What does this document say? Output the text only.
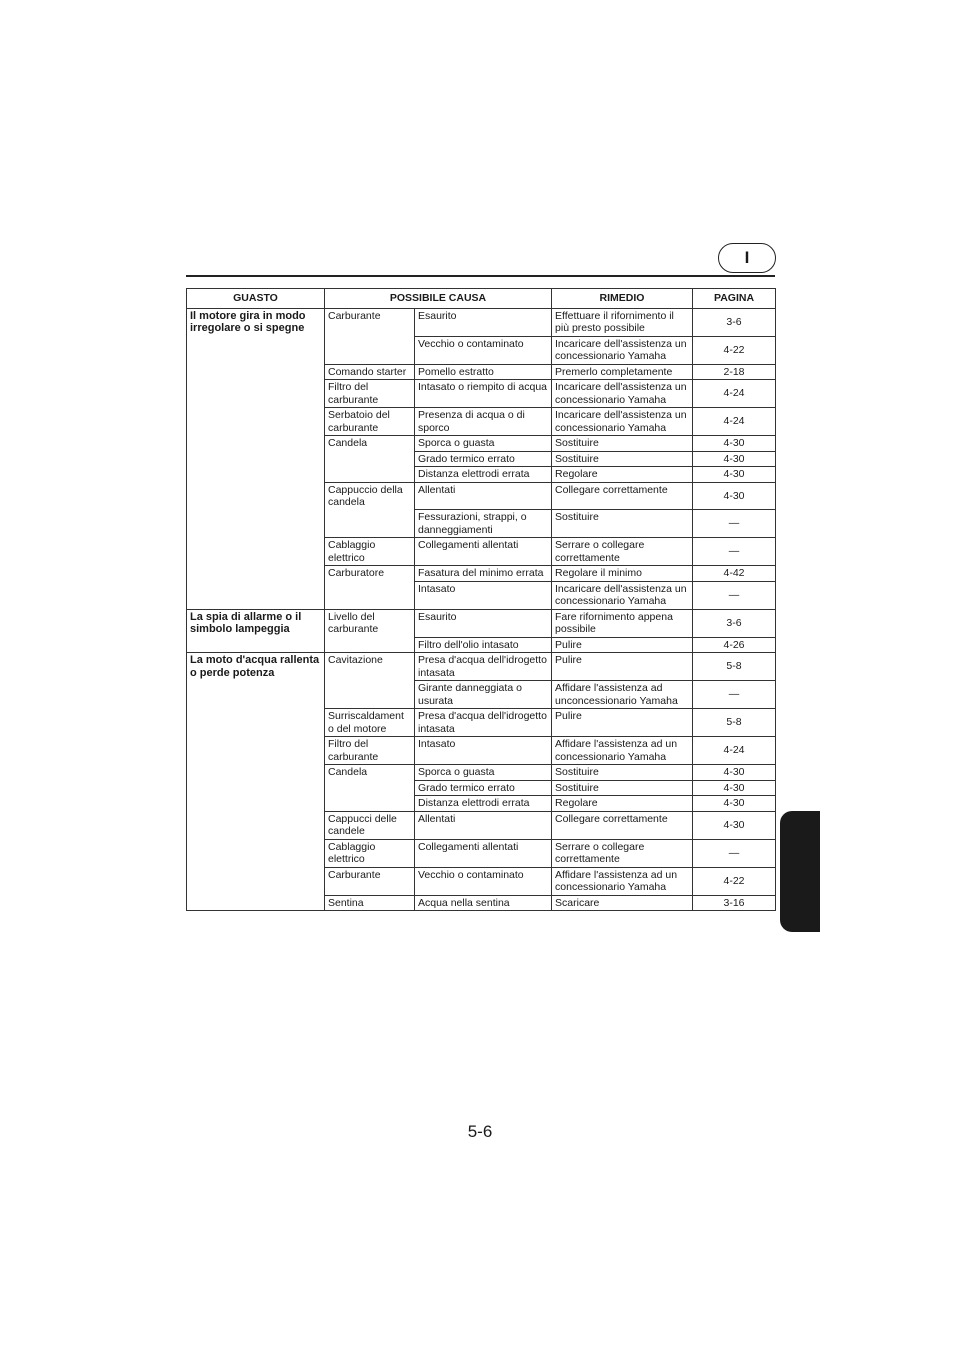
I
GUASTO	POSSIBILE CAUSA		RIMEDIO	PAGINA
Il motore gira in modo irregolare o si spegne	Carburante	Esaurito	Effettuare il rifornimento il più presto possibile	3-6
		Vecchio o contaminato	Incaricare dell'assistenza un concessionario Yamaha	4-22
	Comando starter	Pomello estratto	Premerlo completamente	2-18
	Filtro del carburante	Intasato o riempito di acqua	Incaricare dell'assistenza un concessionario Yamaha	4-24
	Serbatoio del carburante	Presenza di acqua o di sporco	Incaricare dell'assistenza un concessionario Yamaha	4-24
	Candela	Sporca o guasta	Sostituire	4-30
		Grado termico errato	Sostituire	4-30
		Distanza elettrodi errata	Regolare	4-30
	Cappuccio della candela	Allentati	Collegare correttamente	4-30
		Fessurazioni, strappi, o danneggiamenti	Sostituire	—
	Cablaggio elettrico	Collegamenti allentati	Serrare o collegare correttamente	—
	Carburatore	Fasatura del minimo errata	Regolare il minimo	4-42
		Intasato	Incaricare dell'assistenza un concessionario Yamaha	—
La spia di allarme o il simbolo lampeggia	Livello del carburante	Esaurito	Fare rifornimento appena possibile	3-6
		Filtro dell'olio intasato	Pulire	4-26
La moto d'acqua rallenta o perde potenza	Cavitazione	Presa d'acqua dell'idrogetto intasata	Pulire	5-8
		Girante danneggiata o usurata	Affidare l'assistenza ad unconcessionario Yamaha	—
	Surriscaldament o del motore	Presa d'acqua dell'idrogetto intasata	Pulire	5-8
	Filtro del carburante	Intasato	Affidare l'assistenza ad un concessionario Yamaha	4-24
	Candela	Sporca o guasta	Sostituire	4-30
		Grado termico errato	Sostituire	4-30
		Distanza elettrodi errata	Regolare	4-30
	Cappucci delle candele	Allentati	Collegare correttamente	4-30
	Cablaggio elettrico	Collegamenti allentati	Serrare o collegare correttamente	—
	Carburante	Vecchio o contaminato	Affidare l'assistenza ad un concessionario Yamaha	4-22
	Sentina	Acqua nella sentina	Scaricare	3-16
5-6
